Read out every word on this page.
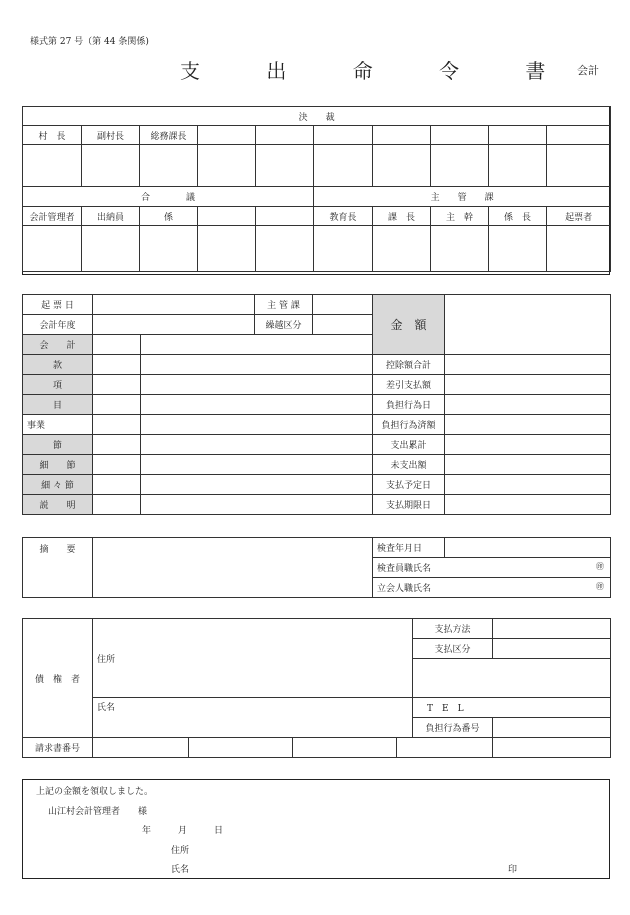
様式第 27 号（第 44 条関係)
支 出 命 令 書 会計
決　　裁									
村　長	副村長	総務課長							

合　　　　議					主　　管　　課				
会計管理者	出納員	係			教育長	課　長	主　幹	係　長	起票者

起 票 日			主 管 課		金　額	
会計年度			繰越区分			
会　　計						
款					控除額合計	
項					差引支払額	
目					負担行為日	
事業					負担行為済額	
節					支出累計	
細　　節					未支出額	
細 々 節					支払予定日	
説　　明					支払期限日	
摘　　要		検査年月日	
検査員職氏名	㊞

立会人職氏名	㊞
債　権　者	住所				支払方法	
					支払区分	

	氏名				T　E　L	
					負担行為番号	
請求書番号						
上記の金額を領収しました。
山江村会計管理者　　様
年　　　月　　　日
住所
氏名	印
